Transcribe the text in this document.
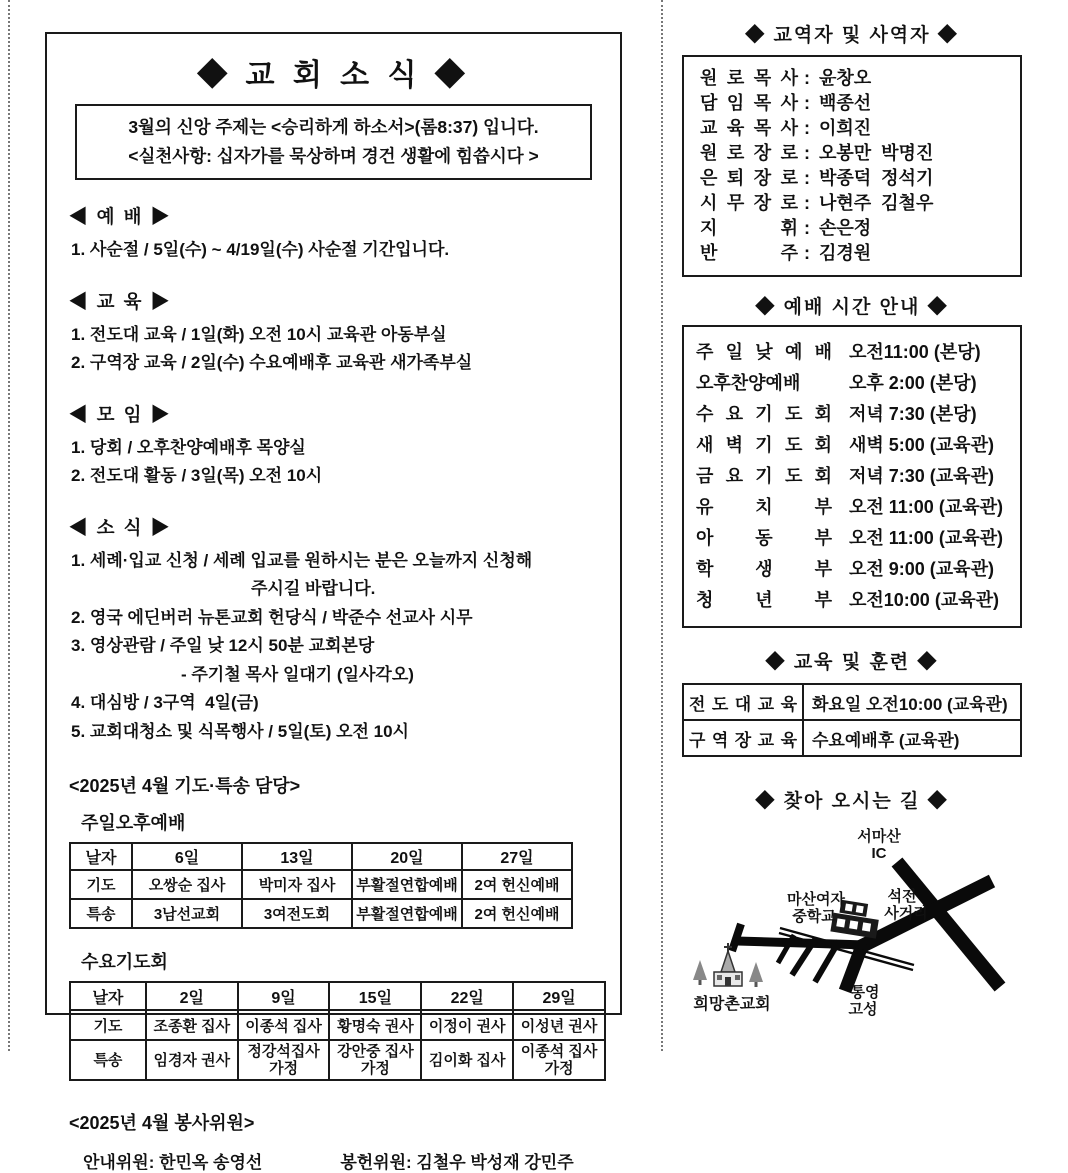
◆ 교 회 소 식 ◆
3월의 신앙 주제는 <승리하게 하소서>(롬8:37) 입니다.
<실천사항: 십자가를 묵상하며 경건 생활에 힘씁시다 >
◀ 예 배 ▶
1. 사순절 / 5일(수) ~ 4/19일(수) 사순절 기간입니다.
◀ 교 육 ▶
1. 전도대 교육 / 1일(화) 오전 10시 교육관 아동부실
2. 구역장 교육 / 2일(수) 수요예배후 교육관 새가족부실
◀ 모 임 ▶
1. 당회 / 오후찬양예배후 목양실
2. 전도대 활동 / 3일(목) 오전 10시
◀ 소 식 ▶
1. 세례·입교 신청 / 세례 입교를 원하시는 분은 오늘까지 신청해
주시길 바랍니다.
2. 영국 에딘버러 뉴톤교회 헌당식 / 박준수 선교사 시무
3. 영상관람 / 주일 낮 12시 50분 교회본당
- 주기철 목사 일대기 (일사각오)
4. 대심방 / 3구역  4일(금)
5. 교회대청소 및 식목행사 / 5일(토) 오전 10시
<2025년 4월 기도·특송 담당>
주일오후예배
날자	6일	13일	20일	27일
기도	오쌍순 집사	박미자 집사	부활절연합예배	2여 헌신예배
특송	3남선교회	3여전도회	부활절연합예배	2여 헌신예배
수요기도회
날자	2일	9일	15일	22일	29일
기도	조종환 집사	이종석 집사	황명숙 권사	이정이 권사	이성년 권사
특송	임경자 권사	정강석집사 가정	강안중 집사 가정	김이화 집사	이종석 집사 가정
<2025년 4월 봉사위원>
안내위원: 한민옥 송영선	봉헌위원: 김철우 박성재 강민주
◆ 교역자 및 사역자 ◆
원 로 목 사 : 윤창오
담 임 목 사 : 백종선
교 육 목 사 : 이희진
원 로 장 로 : 오봉만  박명진
은 퇴 장 로 : 박종덕  정석기
시 무 장 로 : 나현주  김철우
지 휘 : 손은정
반 주 : 김경원
◆ 예배 시간 안내 ◆
주 일 낮 예 배 오전11:00 (본당)
오후찬양예배	오후 2:00 (본당)
수 요 기 도 회 저녁 7:30 (본당)
새 벽 기 도 회 새벽 5:00 (교육관)
금 요 기 도 회 저녁 7:30 (교육관)
유 치 부 오전 11:00 (교육관)
아 동 부 오전 11:00 (교육관)
학 생 부 오전 9:00 (교육관)
청 년 부 오전10:00 (교육관)
◆ 교육 및 훈련 ◆
전 도 대 교 육	화요일 오전10:00 (교육관)
구 역 장 교 육	수요예배후 (교육관)
◆ 찾아 오시는 길 ◆
서마산
IC
마산여자
중학교
석전
사거리
통영
고성
희망촌교회
